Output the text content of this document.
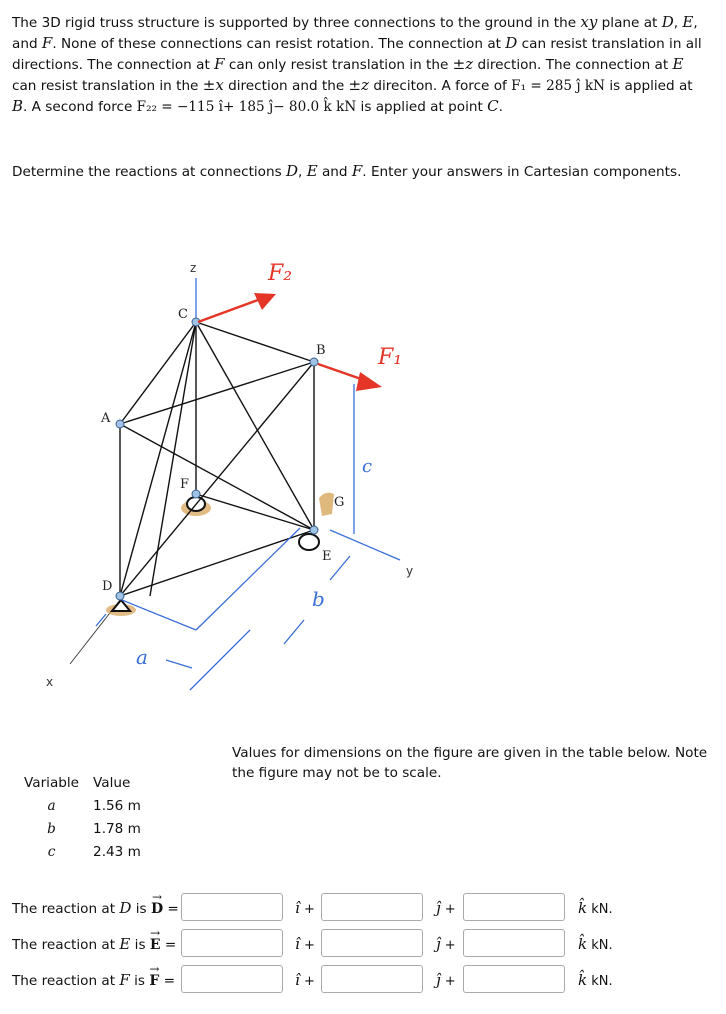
The 3D rigid truss structure is supported by three connections to the ground in the xy plane at D, E, and F. None of these connections can resist rotation. The connection at D can resist translation in all directions. The connection at F can only resist translation in the ±z direction. The connection at E can resist translation in the ±x direction and the ±z direciton. A force of F₁ = 285 ĵ kN is applied at B. A second force F₂₂ = −115 î+ 185 ĵ− 80.0 k̂ kN is applied at point C.

Determine the reactions at connections D, E and F. Enter your answers in Cartesian components.

z
x
y
C
B
A
F
G
E
D
F₂
F₁
a
b
c

Values for dimensions on the figure are given in the table below. Note the figure may not be to scale.

Variable	Value
a	1.56 m
b	1.78 m
c	2.43 m
The reaction at D is
→
D =	î +	ĵ +	k̂ kN.
The reaction at E is
→
E =	î +	ĵ +	k̂ kN.
The reaction at F is
→
F =	î +	ĵ +	k̂ kN.
